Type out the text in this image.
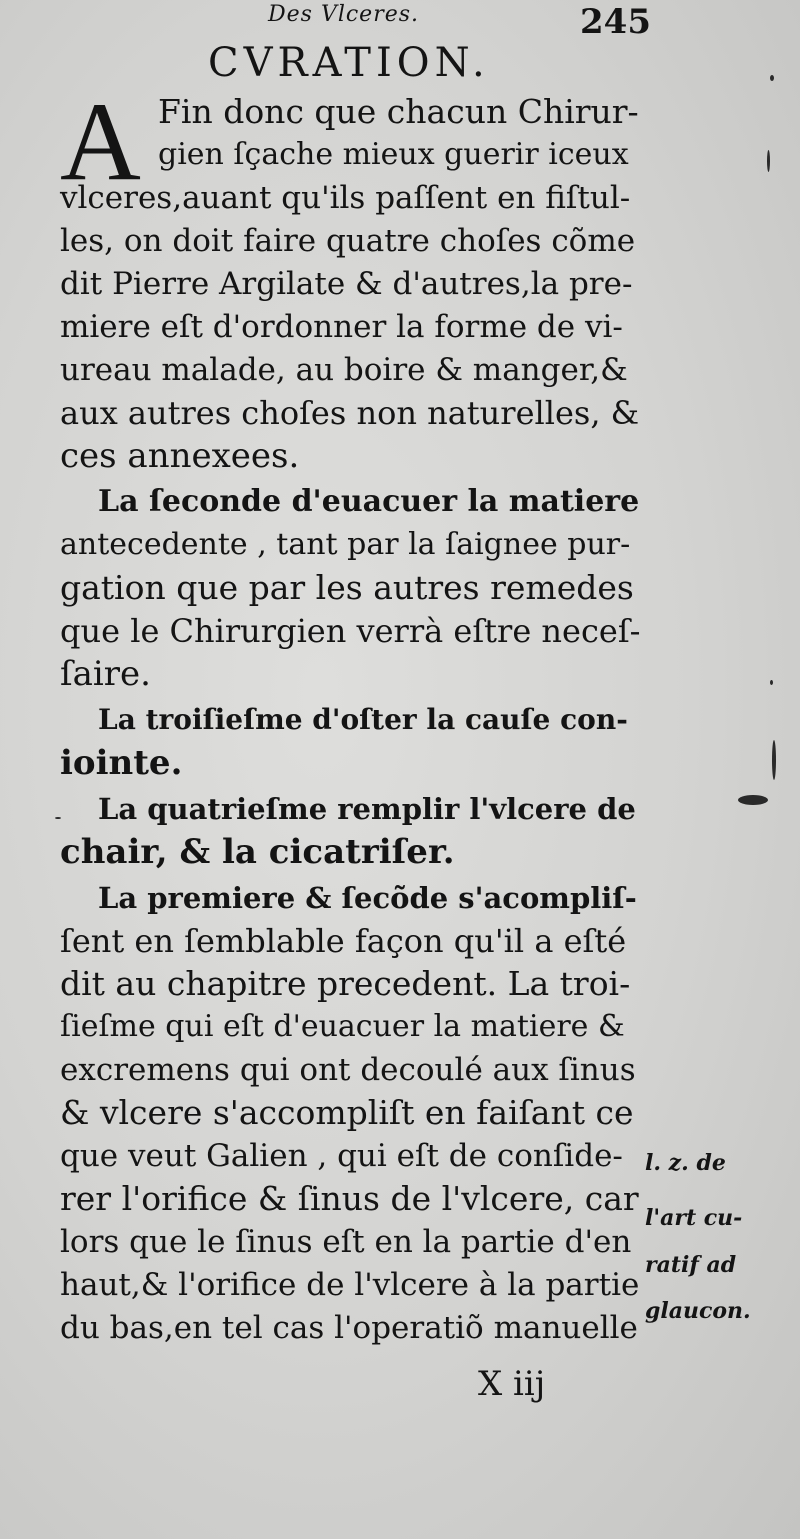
Des Vlceres.	245
CVRATION.
A Fin donc que chacun Chirur-
gien ſçache mieux guerir iceux
vlceres,auant qu'ils paſſent en fiſtul-
les, on doit faire quatre choſes cõme
dit Pierre Argilate & d'autres,la pre-
miere eſt d'ordonner la forme de vi-
ureau malade, au boire & manger,&
aux autres choſes non naturelles, &
ces annexees.
La ſeconde d'euacuer la matiere
antecedente , tant par la ſaignee pur-
gation que par les autres remedes
que le Chirurgien verrà eſtre neceſ-
ſaire.
La troiſieſme d'oſter la cauſe con-
iointe.
La quatrieſme remplir l'vlcere de
chair, & la cicatriſer.
La premiere & ſecõde s'acompliſ-
ſent en ſemblable façon qu'il a eſté
dit au chapitre precedent. La troi-
ſieſme qui eſt d'euacuer la matiere &
excremens qui ont decoulé aux ſinus
& vlcere s'accompliſt en faiſant ce
que veut Galien , qui eſt de conſide-
rer l'orifice & ſinus de l'vlcere, car
lors que le ſinus eſt en la partie d'en
haut,& l'orifice de l'vlcere à la partie
du bas,en tel cas l'operatiõ manuelle
l. z. de
l'art cu-
ratif ad
glaucon.
X iij
